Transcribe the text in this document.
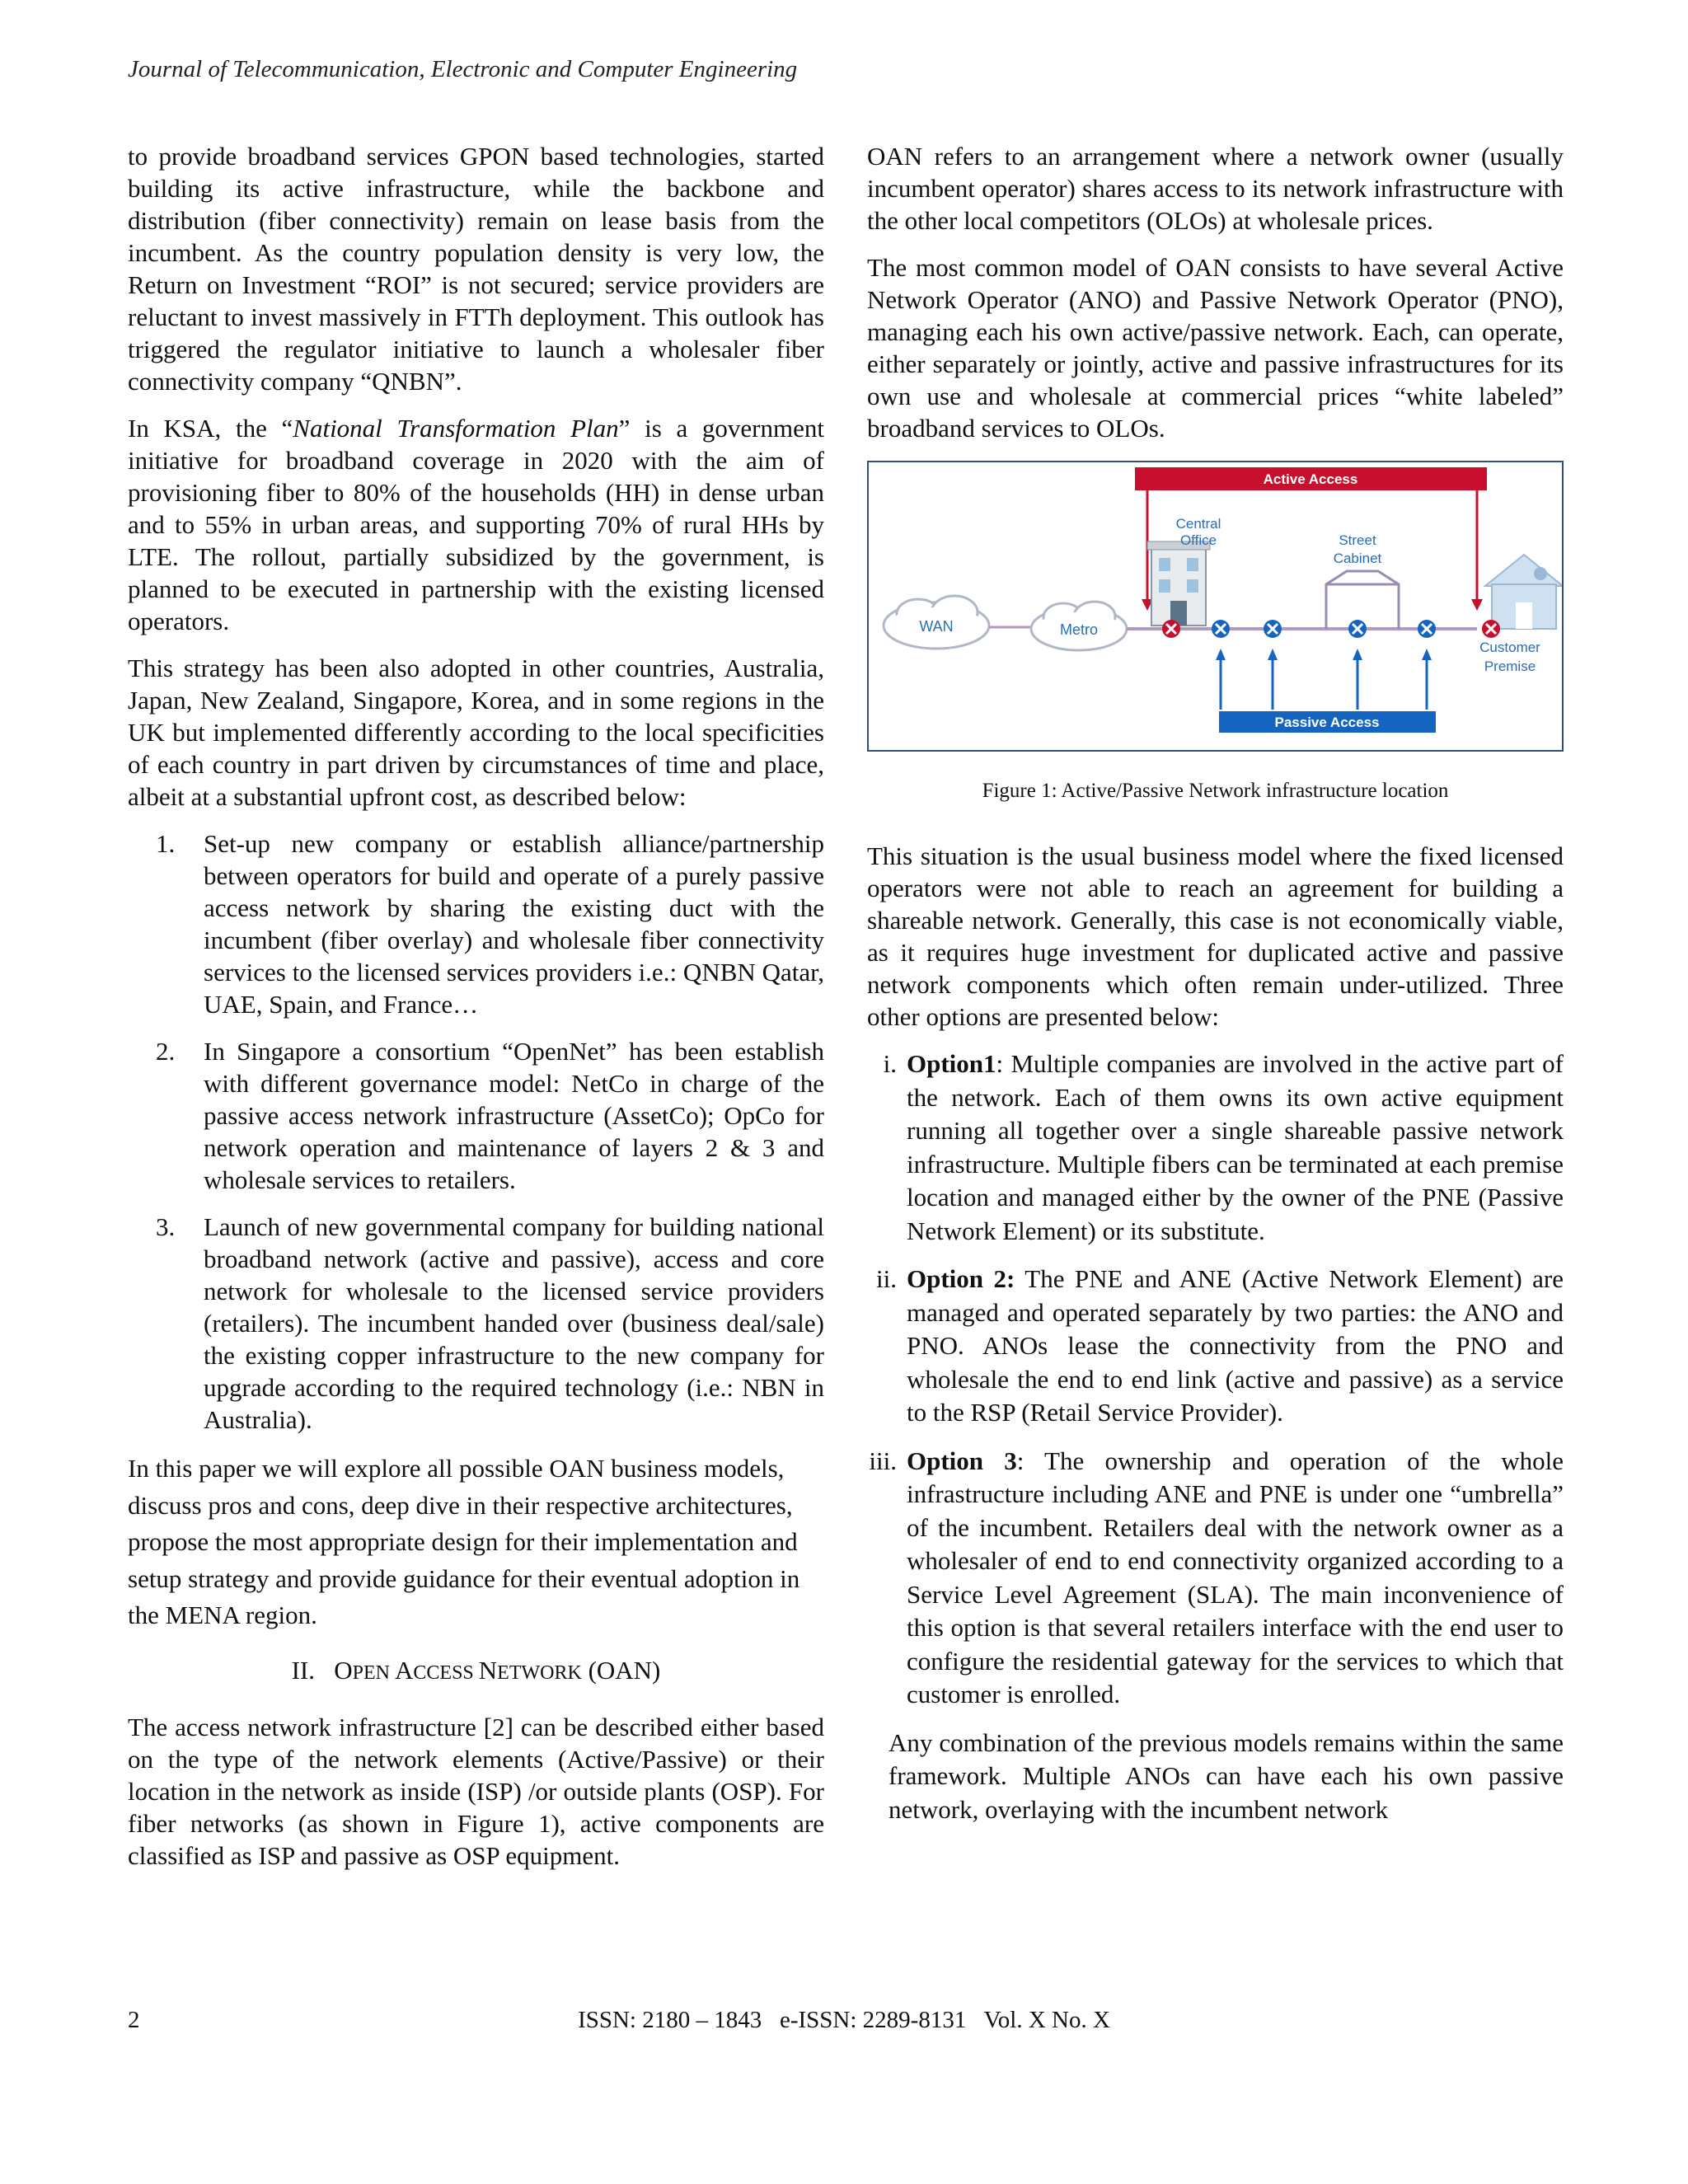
Journal of Telecommunication, Electronic and Computer Engineering

to provide broadband services GPON based technologies, started building its active infrastructure, while the backbone and distribution (fiber connectivity) remain on lease basis from the incumbent. As the country population density is very low, the Return on Investment “ROI” is not secured; service providers are reluctant to invest massively in FTTh deployment. This outlook has triggered the regulator initiative to launch a wholesaler fiber connectivity company “QNBN”.

In KSA, the “National Transformation Plan” is a government initiative for broadband coverage in 2020 with the aim of provisioning fiber to 80% of the households (HH) in dense urban and to 55% in urban areas, and supporting 70% of rural HHs by LTE. The rollout, partially subsidized by the government, is planned to be executed in partnership with the existing licensed operators.

This strategy has been also adopted in other countries, Australia, Japan, New Zealand, Singapore, Korea, and in some regions in the UK but implemented differently according to the local specificities of each country in part driven by circumstances of time and place, albeit at a substantial upfront cost, as described below:

1. Set-up new company or establish alliance/partnership between operators for build and operate of a purely passive access network by sharing the existing duct with the incumbent (fiber overlay) and wholesale fiber connectivity services to the licensed services providers i.e.: QNBN Qatar, UAE, Spain, and France…
2. In Singapore a consortium “OpenNet” has been establish with different governance model: NetCo in charge of the passive access network infrastructure (AssetCo); OpCo for network operation and maintenance of layers 2 & 3 and wholesale services to retailers.
3. Launch of new governmental company for building national broadband network (active and passive), access and core network for wholesale to the licensed service providers (retailers). The incumbent handed over (business deal/sale) the existing copper infrastructure to the new company for upgrade according to the required technology (i.e.: NBN in Australia).

In this paper we will explore all possible OAN business models, discuss pros and cons, deep dive in their respective architectures, propose the most appropriate design for their implementation and setup strategy and provide guidance for their eventual adoption in the MENA region.

II. OPEN ACCESS NETWORK (OAN)

The access network infrastructure [2] can be described either based on the type of the network elements (Active/Passive) or their location in the network as inside (ISP) /or outside plants (OSP). For fiber networks (as shown in Figure 1), active components are classified as ISP and passive as OSP equipment.

OAN refers to an arrangement where a network owner (usually incumbent operator) shares access to its network infrastructure with the other local competitors (OLOs) at wholesale prices.

The most common model of OAN consists to have several Active Network Operator (ANO) and Passive Network Operator (PNO), managing each his own active/passive network. Each, can operate, either separately or jointly, active and passive infrastructures for its own use and wholesale at commercial prices “white labeled” broadband services to OLOs.

Active Access
WAN	Metro
Central
Office	Street
Cabinet
Customer
Premise
Passive Access
Figure 1: Active/Passive Network infrastructure location

This situation is the usual business model where the fixed licensed operators were not able to reach an agreement for building a shareable network. Generally, this case is not economically viable, as it requires huge investment for duplicated active and passive network components which often remain under-utilized. Three other options are presented below:

i. Option1: Multiple companies are involved in the active part of the network. Each of them owns its own active equipment running all together over a single shareable passive network infrastructure. Multiple fibers can be terminated at each premise location and managed either by the owner of the PNE (Passive Network Element) or its substitute.
ii. Option 2: The PNE and ANE (Active Network Element) are managed and operated separately by two parties: the ANO and PNO. ANOs lease the connectivity from the PNO and wholesale the end to end link (active and passive) as a service to the RSP (Retail Service Provider).
iii. Option 3: The ownership and operation of the whole infrastructure including ANE and PNE is under one “umbrella” of the incumbent. Retailers deal with the network owner as a wholesaler of end to end connectivity organized according to a Service Level Agreement (SLA). The main inconvenience of this option is that several retailers interface with the end user to configure the residential gateway for the services to which that customer is enrolled.

Any combination of the previous models remains within the same framework. Multiple ANOs can have each his own passive network, overlaying with the incumbent network

2	ISSN: 2180 – 1843   e-ISSN: 2289-8131   Vol. X No. X
